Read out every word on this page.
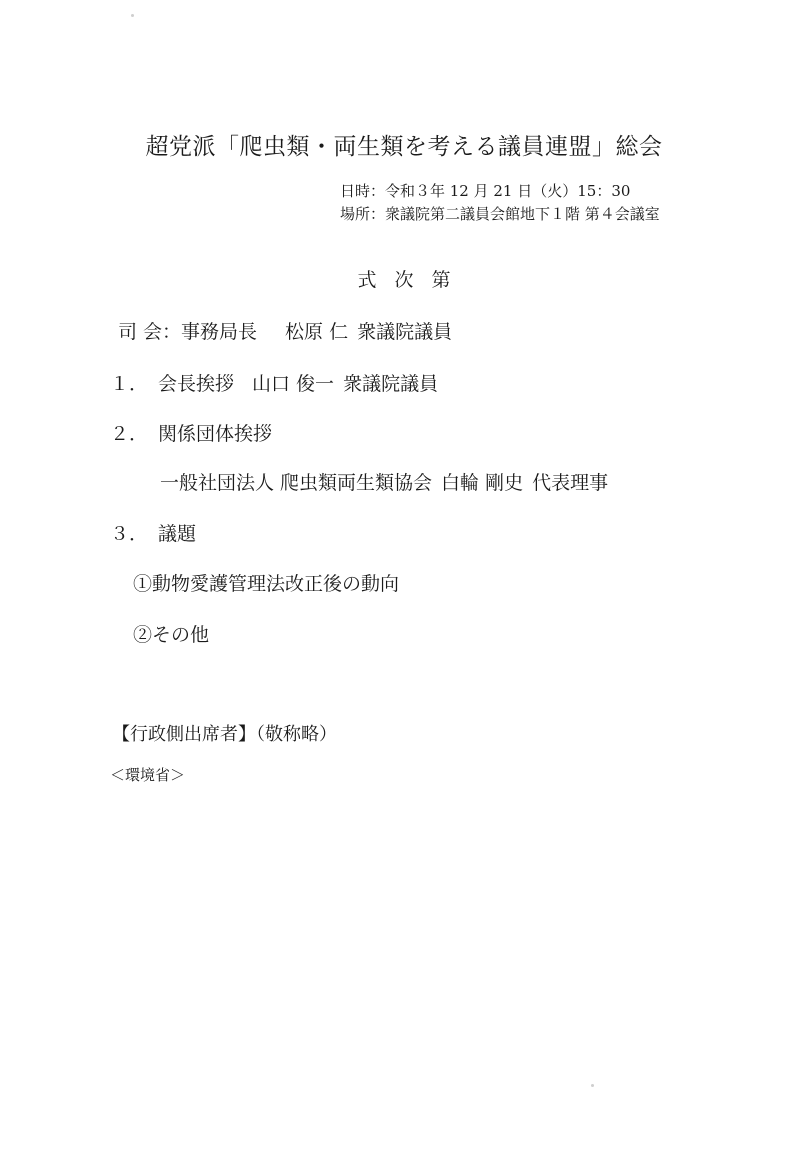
超党派「爬虫類・両生類を考える議員連盟」総会
日時：令和３年 12 月 21 日（火）15：30
場所：衆議院第二議員会館地下１階 第４会議室
式次第
司 会：事務局長 松原 仁 衆議院議員
１． 会長挨拶 山口 俊一 衆議院議員
２． 関係団体挨拶
一般社団法人 爬虫類両生類協会 白輪 剛史 代表理事
３． 議題
①動物愛護管理法改正後の動向
②その他
【行政側出席者】（敬称略）
＜環境省＞
